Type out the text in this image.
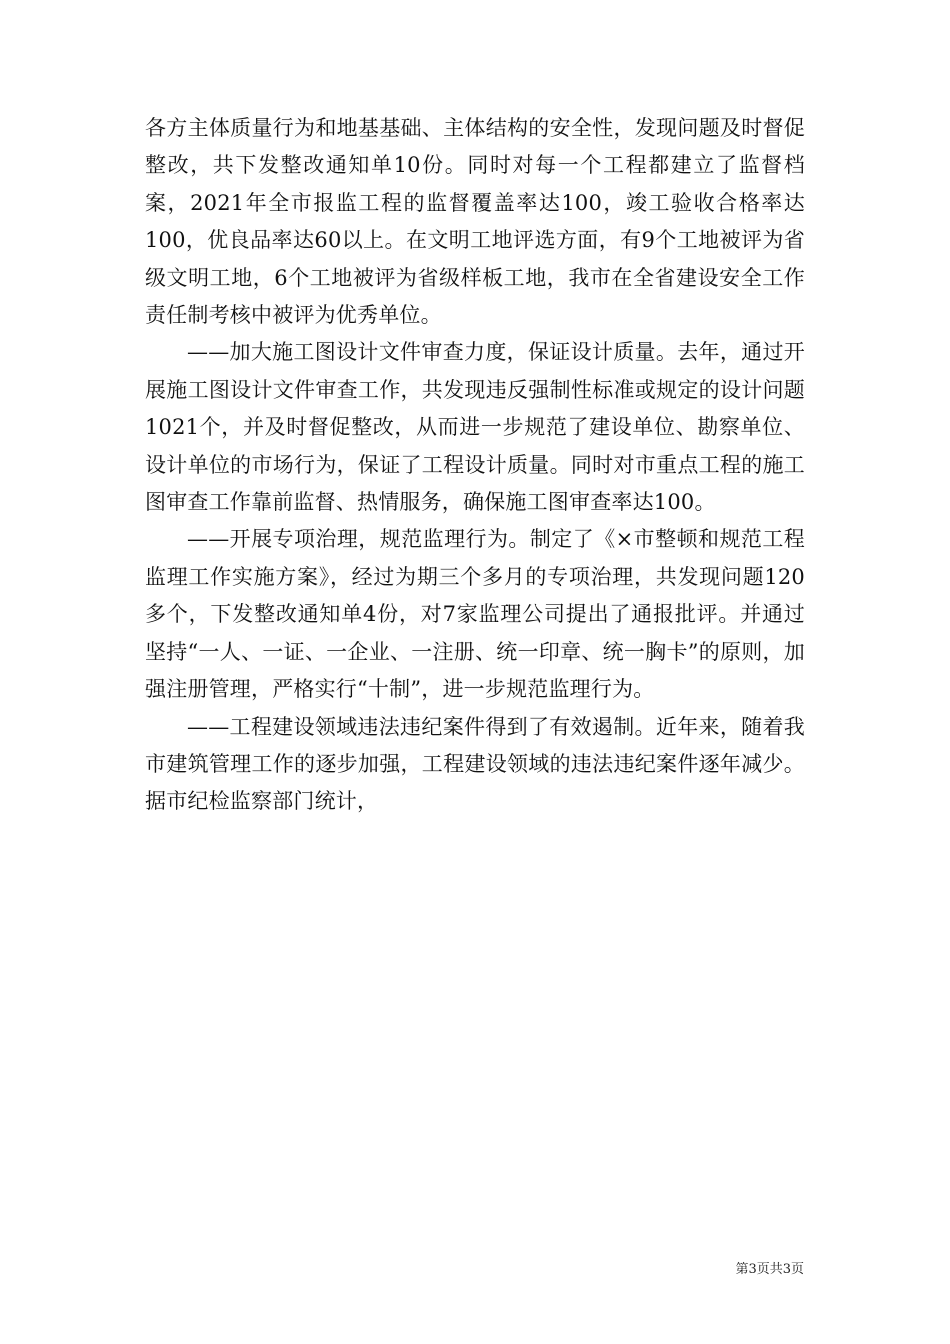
各方主体质量行为和地基基础、主体结构的安全性，发现问题及时督促整改，共下发整改通知单10份。同时对每一个工程都建立了监督档案，2021年全市报监工程的监督覆盖率达100，竣工验收合格率达100，优良品率达60以上。在文明工地评选方面，有9个工地被评为省级文明工地，6个工地被评为省级样板工地，我市在全省建设安全工作责任制考核中被评为优秀单位。

——加大施工图设计文件审查力度，保证设计质量。去年，通过开展施工图设计文件审查工作，共发现违反强制性标准或规定的设计问题1021个，并及时督促整改，从而进一步规范了建设单位、勘察单位、设计单位的市场行为，保证了工程设计质量。同时对市重点工程的施工图审查工作靠前监督、热情服务，确保施工图审查率达100。

——开展专项治理，规范监理行为。制定了《×市整顿和规范工程监理工作实施方案》，经过为期三个多月的专项治理，共发现问题120多个，下发整改通知单4份，对7家监理公司提出了通报批评。并通过坚持“一人、一证、一企业、一注册、统一印章、统一胸卡”的原则，加强注册管理，严格实行“十制”，进一步规范监理行为。

——工程建设领域违法违纪案件得到了有效遏制。近年来，随着我市建筑管理工作的逐步加强，工程建设领域的违法违纪案件逐年减少。据市纪检监察部门统计，

第3页共3页
